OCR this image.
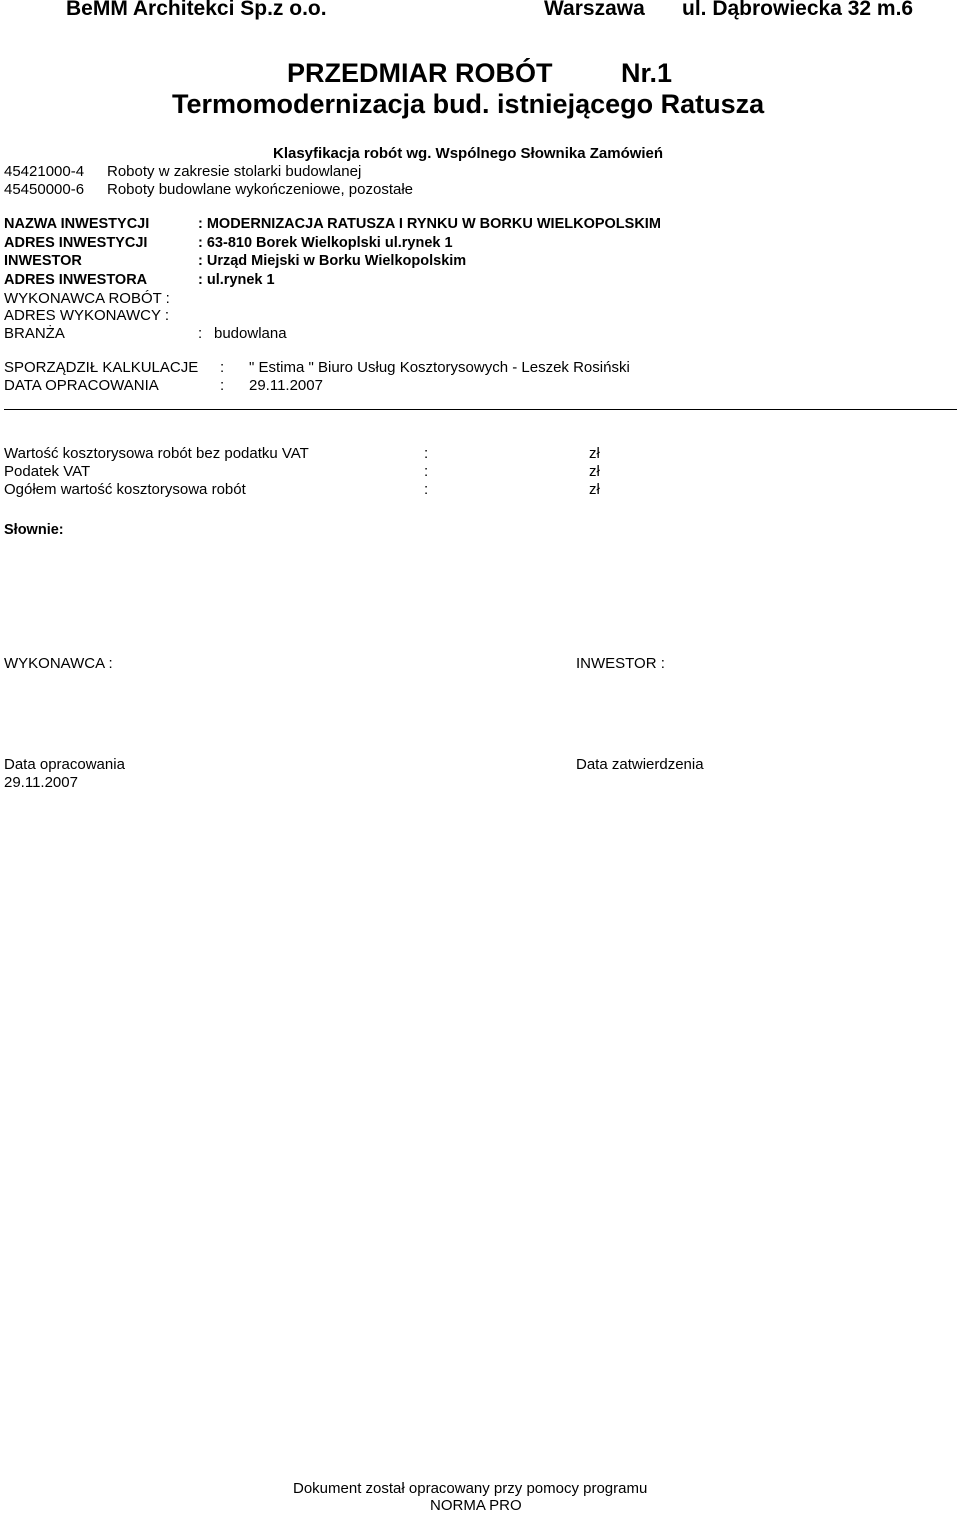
BeMM Architekci Sp.z o.o.	Warszawa ul. Dąbrowiecka 32 m.6
PRZEDMIAR ROBÓT	Nr.1
Termomodernizacja bud. istniejącego Ratusza
Klasyfikacja robót wg. Wspólnego Słownika Zamówień
45421000-4 Roboty w zakresie stolarki budowlanej
45450000-6 Roboty budowlane wykończeniowe, pozostałe
NAZWA INWESTYCJI	: MODERNIZACJA RATUSZA I RYNKU W BORKU WIELKOPOLSKIM
ADRES INWESTYCJI	: 63-810 Borek Wielkoplski ul.rynek 1
INWESTOR	: Urząd Miejski w Borku Wielkopolskim
ADRES INWESTORA	: ul.rynek 1
WYKONAWCA ROBÓT :
ADRES WYKONAWCY :
BRANŻA	: budowlana
SPORZĄDZIŁ KALKULACJE : " Estima " Biuro Usług Kosztorysowych - Leszek Rosiński
DATA OPRACOWANIA	: 29.11.2007
Wartość kosztorysowa robót bez podatku VAT	:	zł
Podatek VAT	:	zł
Ogółem wartość kosztorysowa robót	:	zł
Słownie:
WYKONAWCA :	INWESTOR :
Data opracowania
29.11.2007
Data zatwierdzenia
Dokument został opracowany przy pomocy programu
NORMA PRO
